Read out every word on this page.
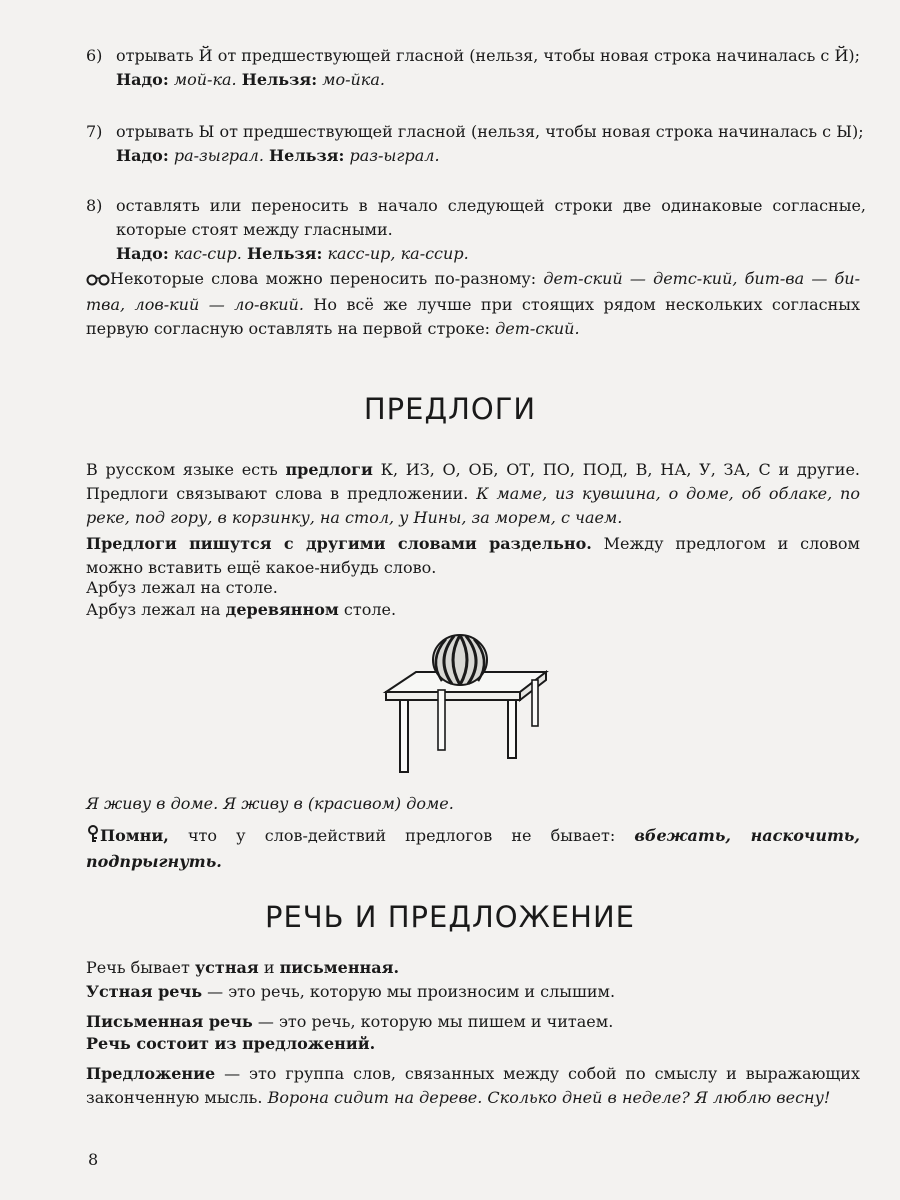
6) отрывать Й от предшествующей гласной (нельзя, чтобы новая строка начиналась с Й);
Надо: мой-ка. Нельзя: мо-йка.
7) отрывать Ы от предшествующей гласной (нельзя, чтобы новая строка начиналась с Ы);
Надо: ра-зыграл. Нельзя: раз-ыграл.
8) оставлять или переносить в начало следующей строки две одинаковые согласные, которые стоят между гласными.
Надо: кас-сир. Нельзя: касс-ир, ка-ссир.
Некоторые слова можно переносить по-разному: дет-ский — детс-кий, бит-ва — би-тва, лов-кий — ло-вкий. Но всё же лучше при стоящих рядом нескольких согласных первую согласную оставлять на первой строке: дет-ский.
ПРЕДЛОГИ
В русском языке есть предлоги К, ИЗ, О, ОБ, ОТ, ПО, ПОД, В, НА, У, ЗА, С и другие. Предлоги связывают слова в предложении. К маме, из кувшина, о доме, об облаке, по реке, под гору, в корзинку, на стол, у Нины, за морем, с чаем.
Предлоги пишутся с другими словами раздельно. Между предлогом и словом можно вставить ещё какое-нибудь слово.
Арбуз лежал на столе.
Арбуз лежал на деревянном столе.
Я живу в доме. Я живу в (красивом) доме.
Помни, что у слов-действий предлогов не бывает: вбежать, наскочить, подпрыгнуть.
РЕЧЬ И ПРЕДЛОЖЕНИЕ
Речь бывает устная и письменная.
Устная речь — это речь, которую мы произносим и слышим.
Письменная речь — это речь, которую мы пишем и читаем.
Речь состоит из предложений.
Предложение — это группа слов, связанных между собой по смыслу и выражающих законченную мысль. Ворона сидит на дереве. Сколько дней в неделе? Я люблю весну!
8
